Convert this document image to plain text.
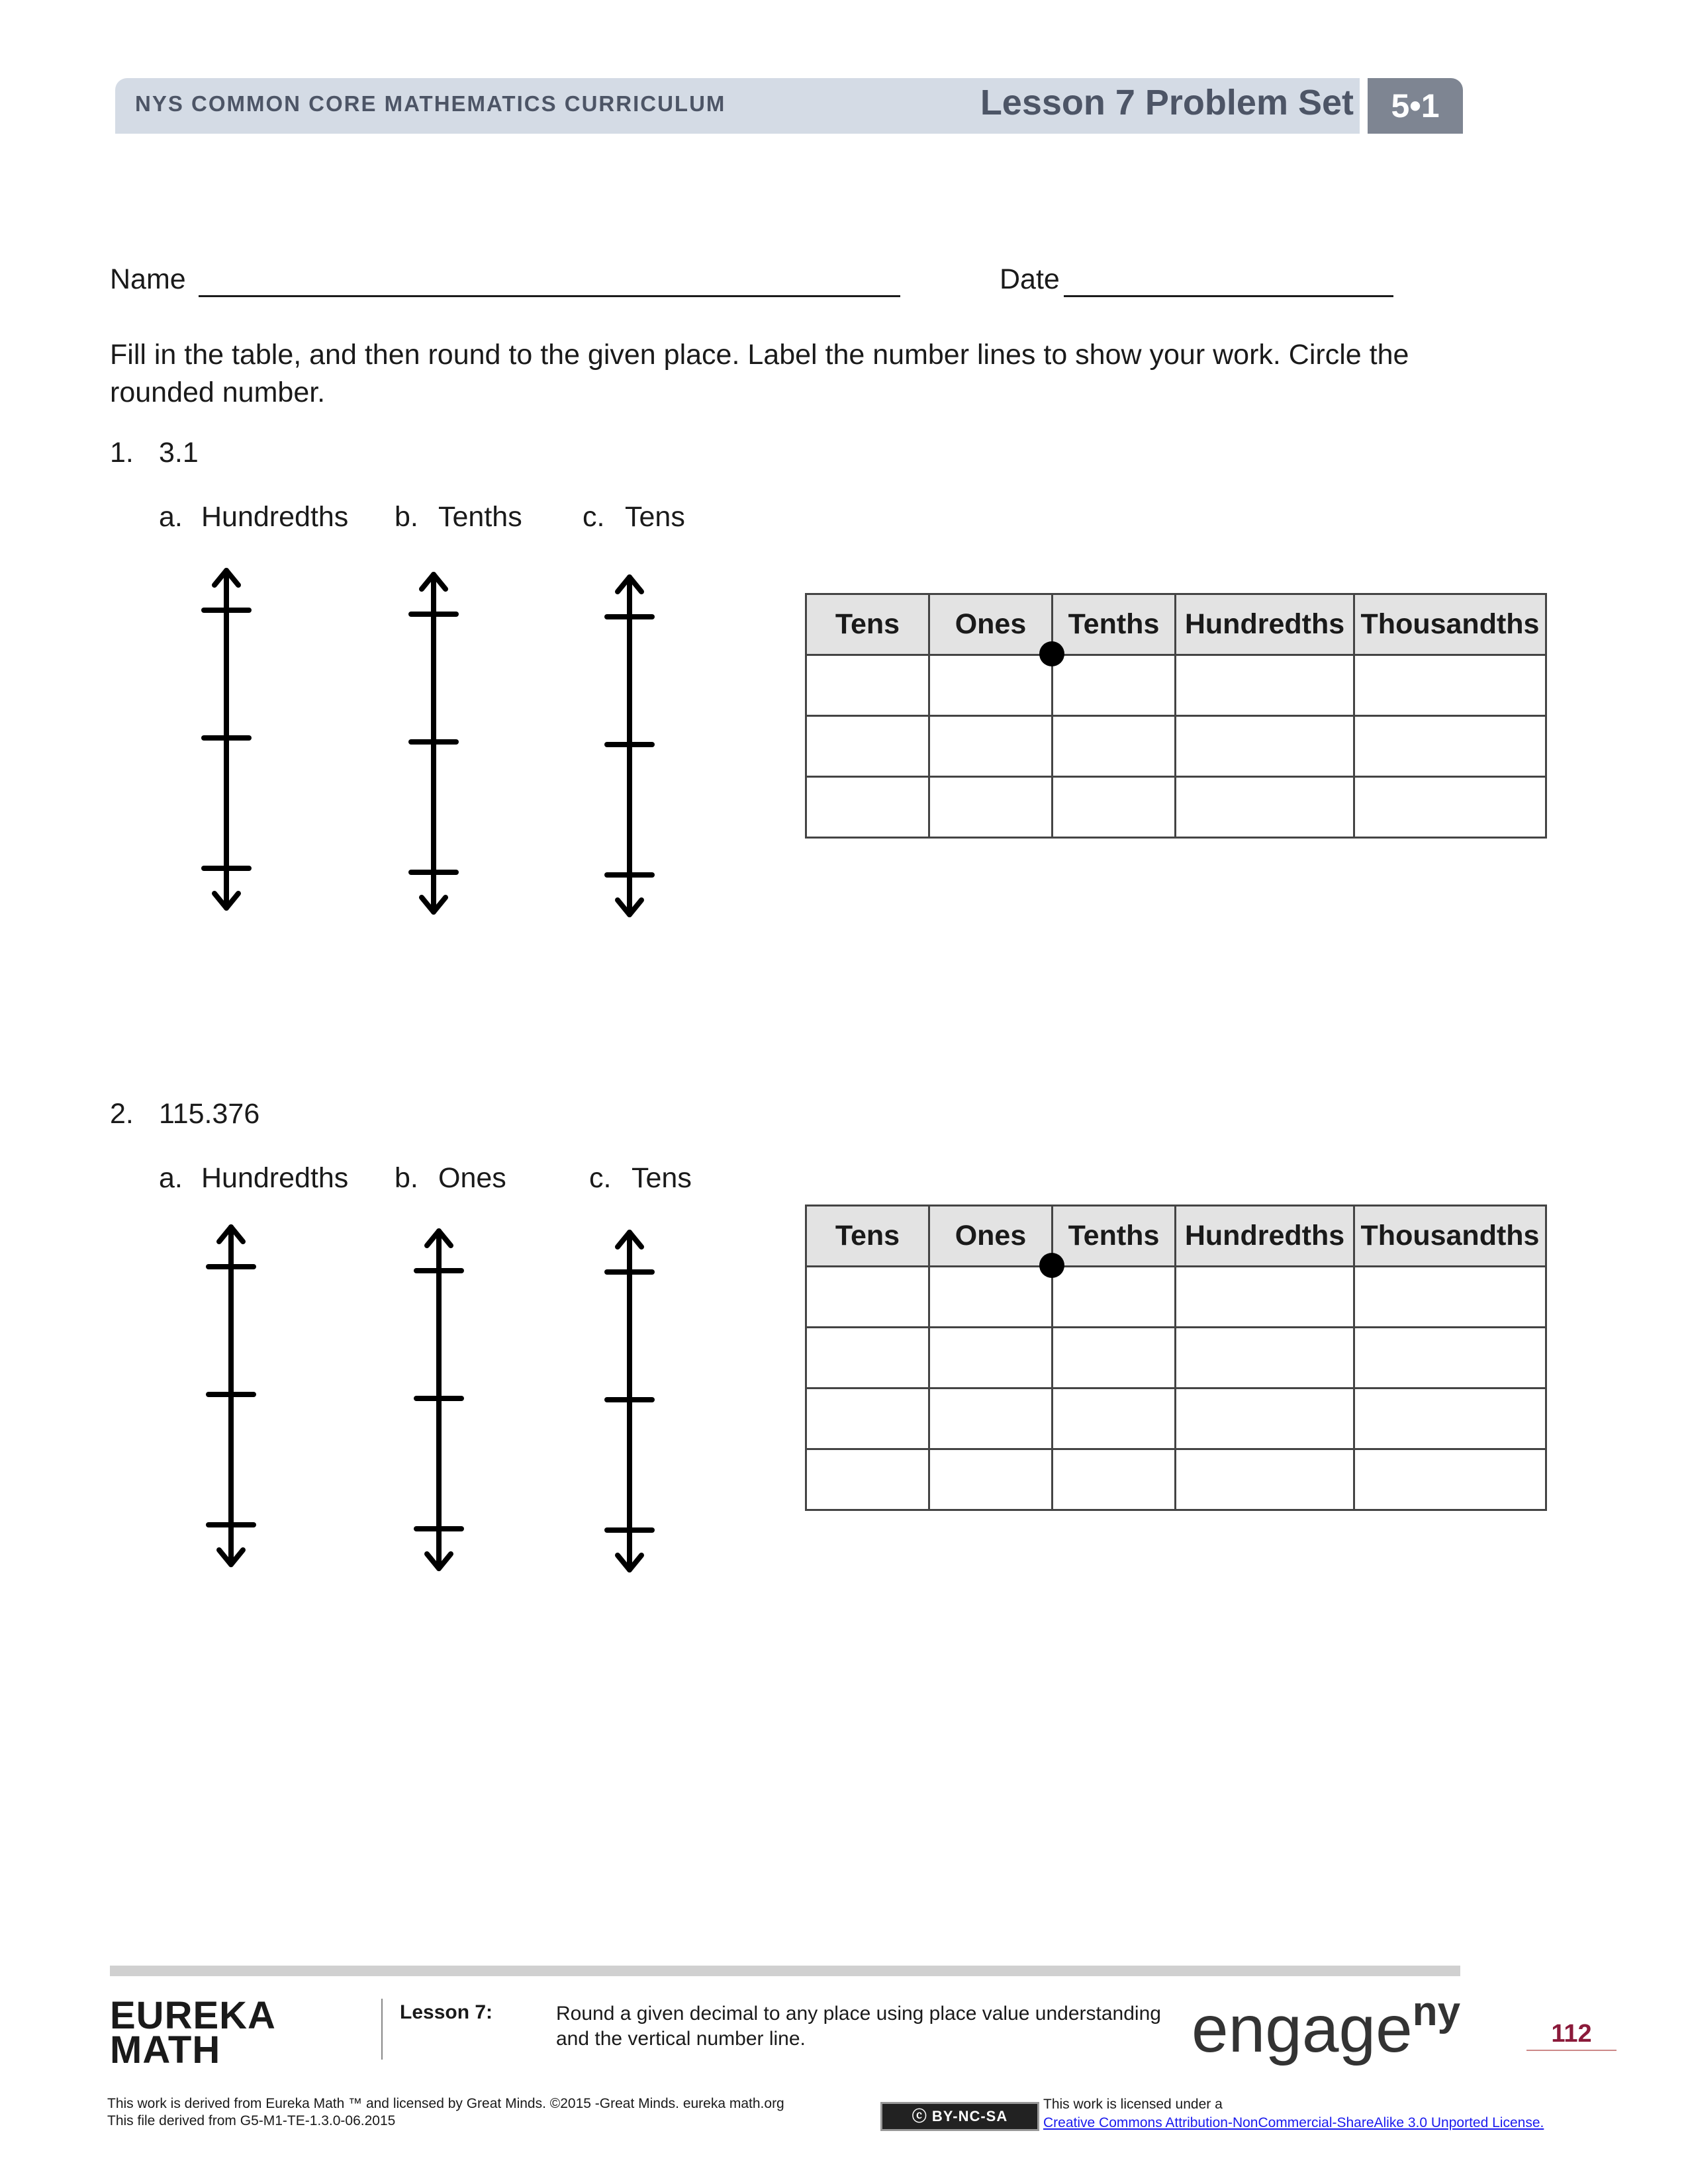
NYS COMMON CORE MATHEMATICS CURRICULUM	Lesson 7 Problem Set	5•1
Name	Date
Fill in the table, and then round to the given place. Label the number lines to show your work. Circle the rounded number.
1. 3.1
a. Hundredths b. Tenths c. Tens
Tens	Ones	Tenths	Hundredths	Thousandths

2. 115.376
a. Hundredths b. Ones	c. Tens
Tens	Ones	Tenths	Hundredths	Thousandths

EUREKA
MATH
Lesson 7:	Round a given decimal to any place using place value understanding
and the vertical number line.	engage$^{ny}$	112
This work is derived from Eureka Math ™ and licensed by Great Minds. ©2015 -Great Minds. eureka math.org
This file derived from G5-M1-TE-1.3.0-06.2015	ⓒ BY-NC-SA
This work is licensed under a
Creative Commons Attribution-NonCommercial-ShareAlike 3.0 Unported License.
